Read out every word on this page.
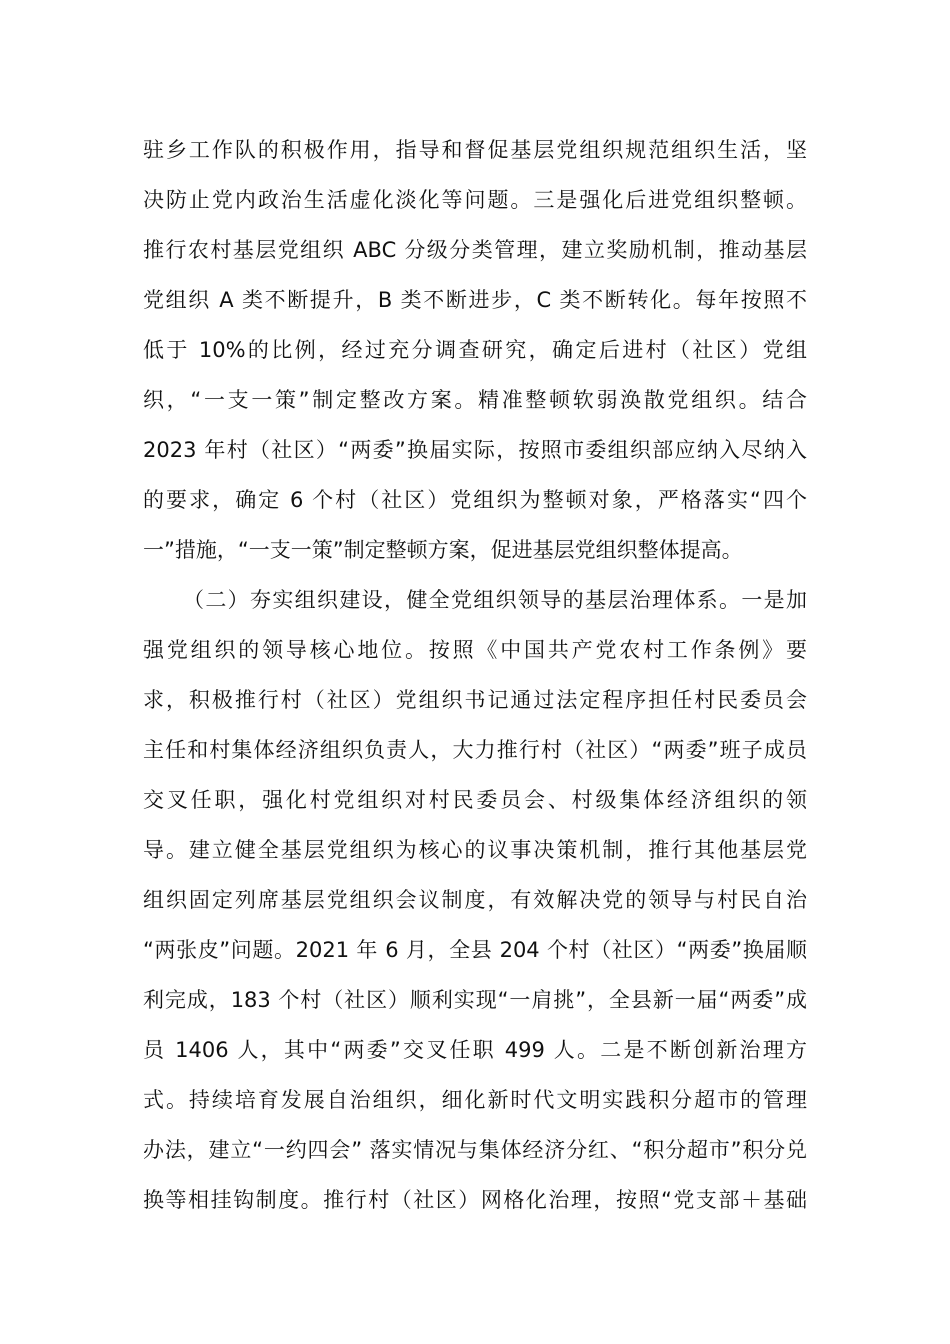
驻乡工作队的积极作用，指导和督促基层党组织规范组织生活，坚
决防止党内政治生活虚化淡化等问题。三是强化后进党组织整顿。
推行农村基层党组织 ABC 分级分类管理，建立奖励机制，推动基层
党组织 A 类不断提升，B 类不断进步，C 类不断转化。每年按照不
低于 10%的比例，经过充分调查研究，确定后进村（社区）党组
织，“一支一策”制定整改方案。精准整顿软弱涣散党组织。结合
2023 年村（社区）“两委”换届实际，按照市委组织部应纳入尽纳入
的要求，确定 6 个村（社区）党组织为整顿对象，严格落实“四个
一”措施，“一支一策”制定整顿方案，促进基层党组织整体提高。
（二）夯实组织建设，健全党组织领导的基层治理体系。一是加
强党组织的领导核心地位。按照《中国共产党农村工作条例》要
求，积极推行村（社区）党组织书记通过法定程序担任村民委员会
主任和村集体经济组织负责人，大力推行村（社区）“两委”班子成员
交叉任职，强化村党组织对村民委员会、村级集体经济组织的领
导。建立健全基层党组织为核心的议事决策机制，推行其他基层党
组织固定列席基层党组织会议制度，有效解决党的领导与村民自治
“两张皮”问题。2021 年 6 月，全县 204 个村（社区）“两委”换届顺
利完成，183 个村（社区）顺利实现“一肩挑”，全县新一届“两委”成
员 1406 人，其中“两委”交叉任职 499 人。二是不断创新治理方
式。持续培育发展自治组织，细化新时代文明实践积分超市的管理
办法，建立“一约四会” 落实情况与集体经济分红、“积分超市”积分兑
换等相挂钩制度。推行村（社区）网格化治理，按照“党支部＋基础
